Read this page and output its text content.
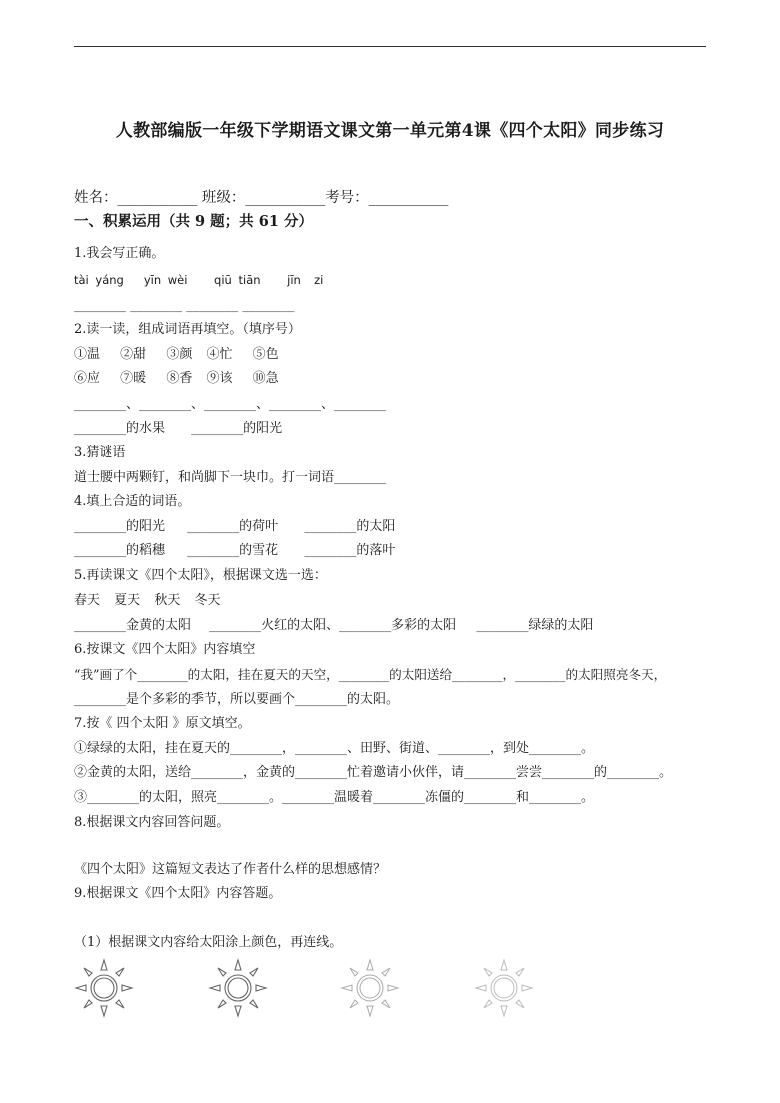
人教部编版一年级下学期语文课文第一单元第4课《四个太阳》同步练习
姓名：___________ 班级：___________考号：___________
一、积累运用（共 9 题；共 61 分）
1.我会写正确。
tài yáng   yīn wèi    qiū tiān    jīn  zi
________ ________ ________ ________
2.读一读，组成词语再填空。（填序号）
①温 ②甜 ③颜 ④忙 ⑤色
⑥应 ⑦暖 ⑧香 ⑨该 ⑩急
________、________、________、________、________
________的水果 ________的阳光
3.猜谜语
道士腰中两颗钉，和尚脚下一块巾。打一词语________
4.填上合适的词语。
________的阳光 ________的荷叶 ________的太阳
________的稻穗 ________的雪花 ________的落叶
5.再读课文《四个太阳》，根据课文选一选：
春天 夏天 秋天 冬天
________金黄的太阳 ________火红的太阳、________多彩的太阳 ________绿绿的太阳
6.按课文《四个太阳》内容填空
“我”画了个________的太阳，挂在夏天的天空，________的太阳送给________，________的太阳照亮冬天，
________是个多彩的季节，所以要画个________的太阳。
7.按《 四个太阳 》原文填空。
①绿绿的太阳，挂在夏天的________，________、田野、街道、________，到处________。
②金黄的太阳，送给________，金黄的________忙着邀请小伙伴，请________尝尝________的________。
③________的太阳，照亮________。________温暖着________冻僵的________和________。
8.根据课文内容回答问题。
《四个太阳》这篇短文表达了作者什么样的思想感情？
9.根据课文《四个太阳》内容答题。
（1）根据课文内容给太阳涂上颜色，再连线。
